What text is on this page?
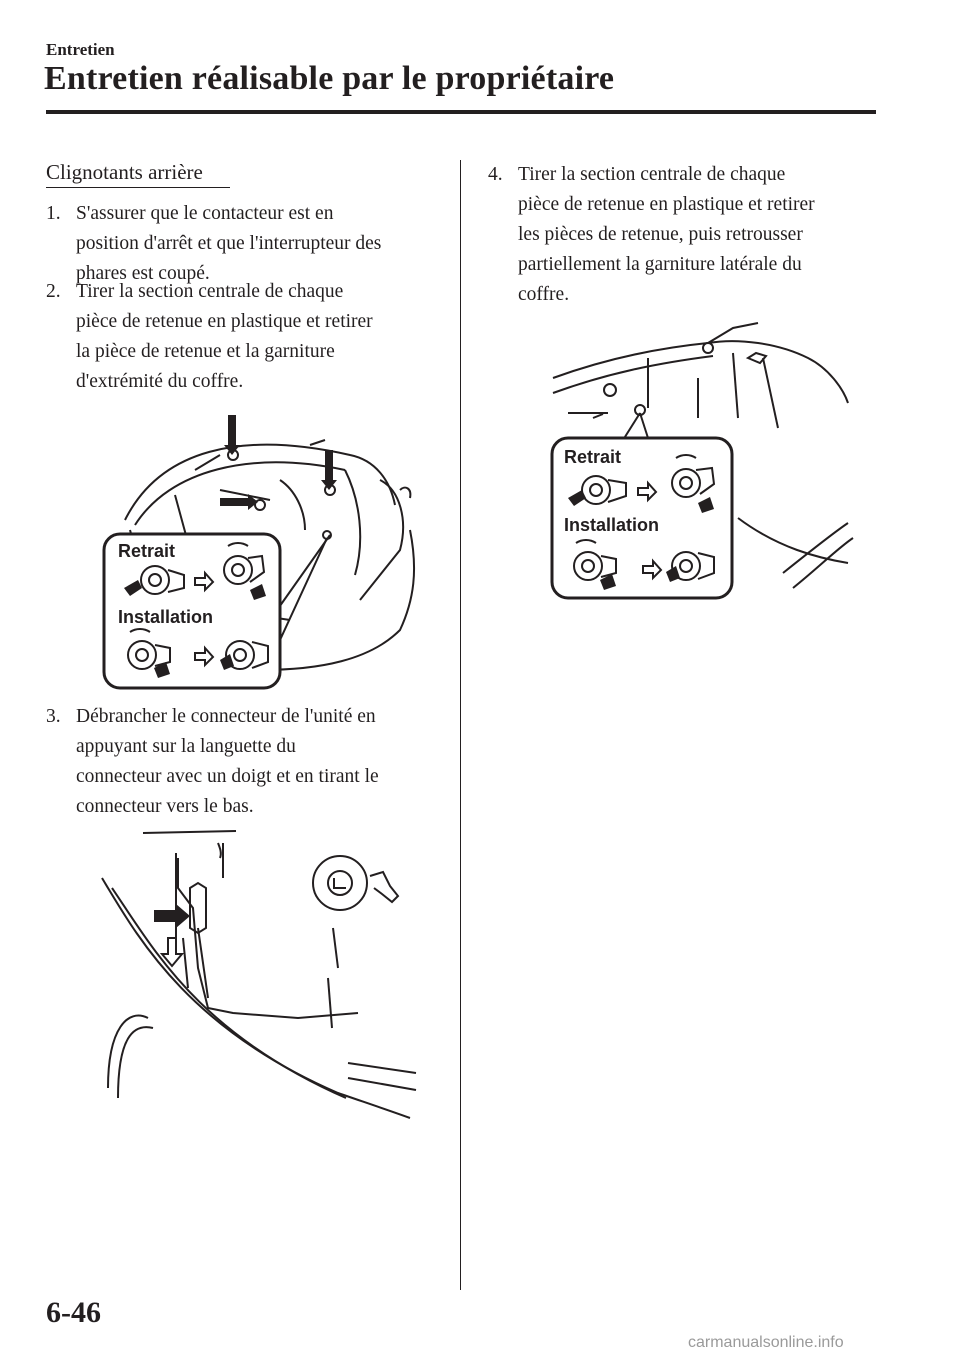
Entretien
Entretien réalisable par le propriétaire
Clignotants arrière
1. S'assurer que le contacteur est en
position d'arrêt et que l'interrupteur des
phares est coupé.
2. Tirer la section centrale de chaque
pièce de retenue en plastique et retirer
la pièce de retenue et la garniture
d'extrémité du coffre.
Retrait
Installation
3. Débrancher le connecteur de l'unité en
appuyant sur la languette du
connecteur avec un doigt et en tirant le
connecteur vers le bas.
4. Tirer la section centrale de chaque
pièce de retenue en plastique et retirer
les pièces de retenue, puis retrousser
partiellement la garniture latérale du
coffre.
Retrait
Installation
6-46
carmanualsonline.info
